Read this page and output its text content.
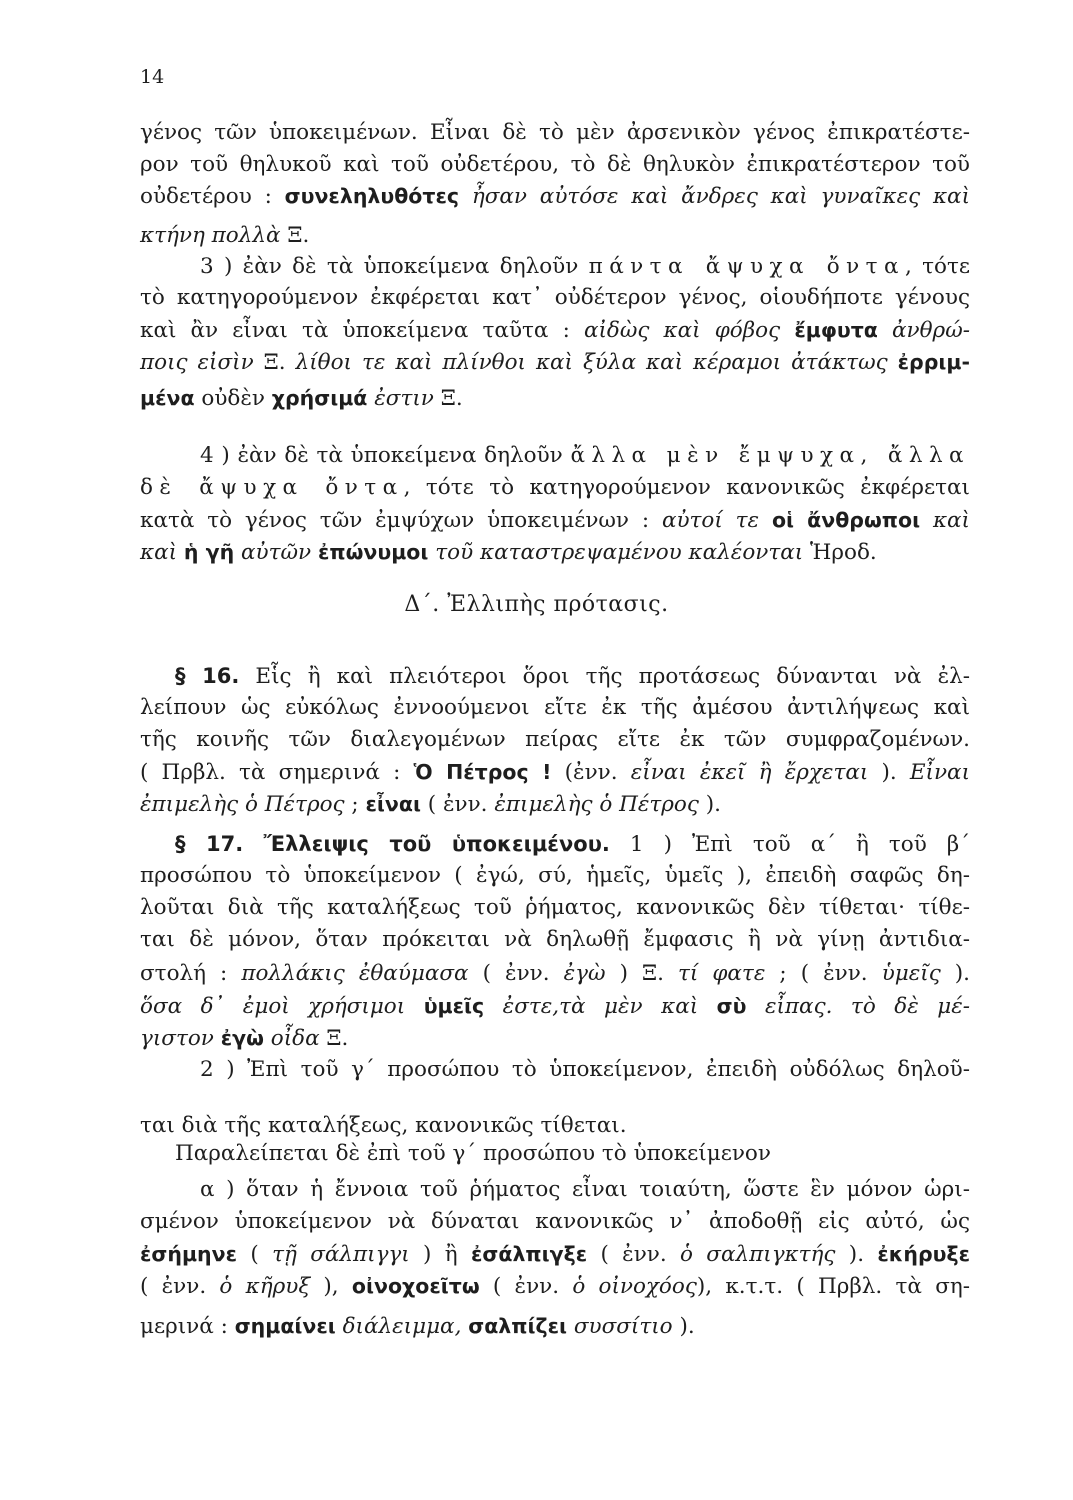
14
γένος τῶν ὑποκειμένων. Εἶναι δὲ τὸ μὲν ἀρσενικὸν γένος ἐπικρατέστε-
ρον τοῦ θηλυκοῦ καὶ τοῦ οὐδετέρου, τὸ δὲ θηλυκὸν ἐπικρατέστερον τοῦ
οὐδετέρου : συνεληλυθότες ἦσαν αὐτόσε καὶ ἄνδρες καὶ γυναῖκες καὶ
κτήνη πολλὰ Ξ.
3 ) ἐὰν δὲ τὰ ὑποκείμενα δηλοῦν πάντα ἄψυχα ὄντα, τότε
τὸ κατηγορούμενον ἐκφέρεται κατ᾿ οὐδέτερον γένος, οἱουδήποτε γένους
καὶ ἂν εἶναι τὰ ὑποκείμενα ταῦτα : αἰδὼς καὶ φόβος ἔμφυτα ἀνθρώ-
ποις εἰσὶν Ξ. λίθοι τε καὶ πλίνθοι καὶ ξύλα καὶ κέραμοι ἀτάκτως ἐρριμ-
μένα οὐδὲν χρήσιμά ἐστιν Ξ.
4 ) ἐὰν δὲ τὰ ὑποκείμενα δηλοῦν ἄλλα μὲν ἔμψυχα, ἄλλα
δὲ ἄψυχα ὄντα, τότε τὸ κατηγορούμενον κανονικῶς ἐκφέρεται
κατὰ τὸ γένος τῶν ἐμψύχων ὑποκειμένων : αὐτοί τε οἱ ἄνθρωποι καὶ
καὶ ἡ γῆ αὐτῶν ἐπώνυμοι τοῦ καταστρεψαμένου καλέονται Ἡροδ.
§ 16. Εἷς ἢ καὶ πλειότεροι ὅροι τῆς προτάσεως δύνανται νὰ ἐλ-
λείπουν ὡς εὐκόλως ἐννοούμενοι εἴτε ἐκ τῆς ἀμέσου ἀντιλήψεως καὶ
τῆς κοινῆς τῶν διαλεγομένων πείρας εἴτε ἐκ τῶν συμφραζομένων.
( Πρβλ. τὰ σημερινά : Ὁ Πέτρος ! (ἐνν. εἶναι ἐκεῖ ἢ ἔρχεται ). Εἶναι
ἐπιμελὴς ὁ Πέτρος ; εἶναι ( ἐνν. ἐπιμελὴς ὁ Πέτρος ).
§ 17. Ἔλλειψις τοῦ ὑποκειμένου. 1 ) Ἐπὶ τοῦ α΄ ἢ τοῦ β΄
προσώπου τὸ ὑποκείμενον ( ἐγώ, σύ, ἡμεῖς, ὑμεῖς ), ἐπειδὴ σαφῶς δη-
λοῦται διὰ τῆς καταλήξεως τοῦ ῥήματος, κανονικῶς δὲν τίθεται· τίθε-
ται δὲ μόνον, ὅταν πρόκειται νὰ δηλωθῇ ἔμφασις ἢ νὰ γίνῃ ἀντιδια-
στολή : πολλάκις ἐθαύμασα ( ἐνν. ἐγὼ ) Ξ. τί φατε ; ( ἐνν. ὑμεῖς ).
ὅσα δ᾿ ἐμοὶ χρήσιμοι ὑμεῖς ἐστε,τὰ μὲν καὶ σὺ εἶπας. τὸ δὲ μέ-
γιστον ἐγὼ οἶδα Ξ.
2 ) Ἐπὶ τοῦ γ΄ προσώπου τὸ ὑποκείμενον, ἐπειδὴ οὐδόλως δηλοῦ-
ται διὰ τῆς καταλήξεως, κανονικῶς τίθεται.
Παραλείπεται δὲ ἐπὶ τοῦ γ΄ προσώπου τὸ ὑποκείμενον
α ) ὅταν ἡ ἔννοια τοῦ ῥήματος εἶναι τοιαύτη, ὥστε ἓν μόνον ὡρι-
σμένον ὑποκείμενον νὰ δύναται κανονικῶς ν᾿ ἀποδοθῇ εἰς αὐτό, ὡς
ἐσήμηνε ( τῇ σάλπιγγι ) ἢ ἐσάλπιγξε ( ἐνν. ὁ σαλπιγκτής ). ἐκήρυξε
( ἐνν. ὁ κῆρυξ ), οἰνοχοεῖτω ( ἐνν. ὁ οἰνοχόος), κ.τ.τ. ( Πρβλ. τὰ ση-
μερινά : σημαίνει διάλειμμα, σαλπίζει συσσίτιο ).
Δ΄. Ἐλλιπὴς πρότασις.
